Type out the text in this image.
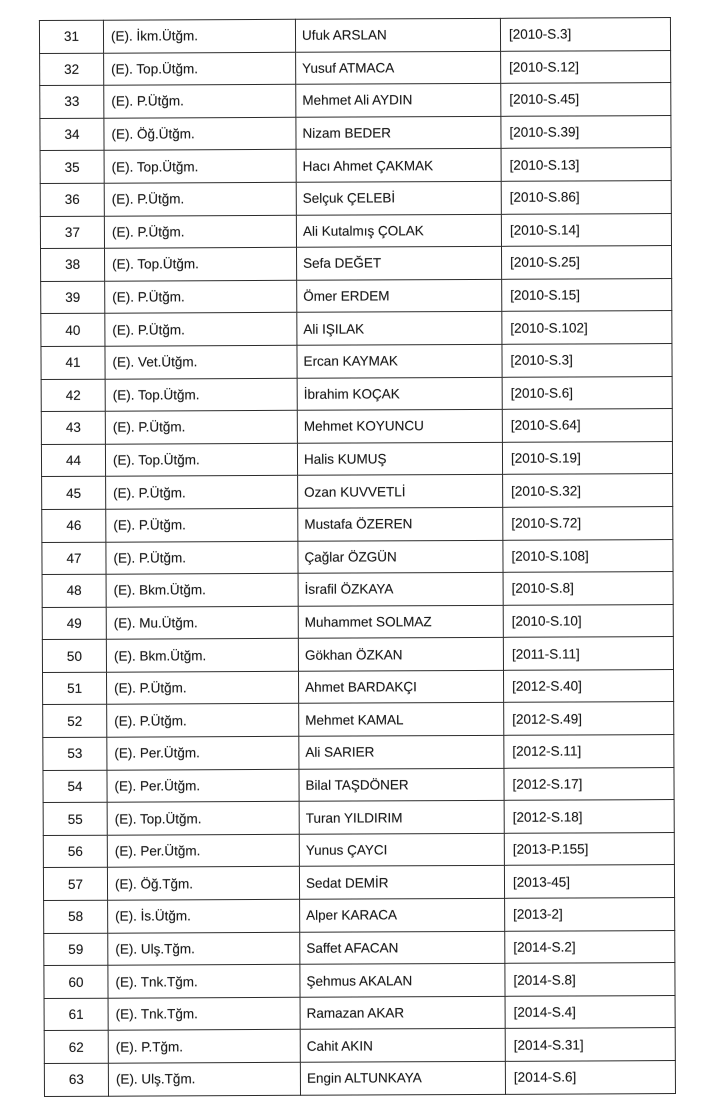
31	(E). İkm.Ütğm.	Ufuk ARSLAN	[2010-S.3]
32	(E). Top.Ütğm.	Yusuf ATMACA	[2010-S.12]
33	(E). P.Ütğm.	Mehmet Ali AYDIN	[2010-S.45]
34	(E). Öğ.Ütğm.	Nizam BEDER	[2010-S.39]
35	(E). Top.Ütğm.	Hacı Ahmet ÇAKMAK	[2010-S.13]
36	(E). P.Ütğm.	Selçuk ÇELEBİ	[2010-S.86]
37	(E). P.Ütğm.	Ali Kutalmış ÇOLAK	[2010-S.14]
38	(E). Top.Ütğm.	Sefa DEĞET	[2010-S.25]
39	(E). P.Ütğm.	Ömer ERDEM	[2010-S.15]
40	(E). P.Ütğm.	Ali IŞILAK	[2010-S.102]
41	(E). Vet.Ütğm.	Ercan KAYMAK	[2010-S.3]
42	(E). Top.Ütğm.	İbrahim KOÇAK	[2010-S.6]
43	(E). P.Ütğm.	Mehmet KOYUNCU	[2010-S.64]
44	(E). Top.Ütğm.	Halis KUMUŞ	[2010-S.19]
45	(E). P.Ütğm.	Ozan KUVVETLİ	[2010-S.32]
46	(E). P.Ütğm.	Mustafa ÖZEREN	[2010-S.72]
47	(E). P.Ütğm.	Çağlar ÖZGÜN	[2010-S.108]
48	(E). Bkm.Ütğm.	İsrafil ÖZKAYA	[2010-S.8]
49	(E). Mu.Ütğm.	Muhammet SOLMAZ	[2010-S.10]
50	(E). Bkm.Ütğm.	Gökhan ÖZKAN	[2011-S.11]
51	(E). P.Ütğm.	Ahmet BARDAKÇI	[2012-S.40]
52	(E). P.Ütğm.	Mehmet KAMAL	[2012-S.49]
53	(E). Per.Ütğm.	Ali SARIER	[2012-S.11]
54	(E). Per.Ütğm.	Bilal TAŞDÖNER	[2012-S.17]
55	(E). Top.Ütğm.	Turan YILDIRIM	[2012-S.18]
56	(E). Per.Ütğm.	Yunus ÇAYCI	[2013-P.155]
57	(E). Öğ.Tğm.	Sedat DEMİR	[2013-45]
58	(E). İs.Ütğm.	Alper KARACA	[2013-2]
59	(E). Ulş.Tğm.	Saffet AFACAN	[2014-S.2]
60	(E). Tnk.Tğm.	Şehmus AKALAN	[2014-S.8]
61	(E). Tnk.Tğm.	Ramazan AKAR	[2014-S.4]
62	(E). P.Tğm.	Cahit AKIN	[2014-S.31]
63	(E). Ulş.Tğm.	Engin ALTUNKAYA	[2014-S.6]
